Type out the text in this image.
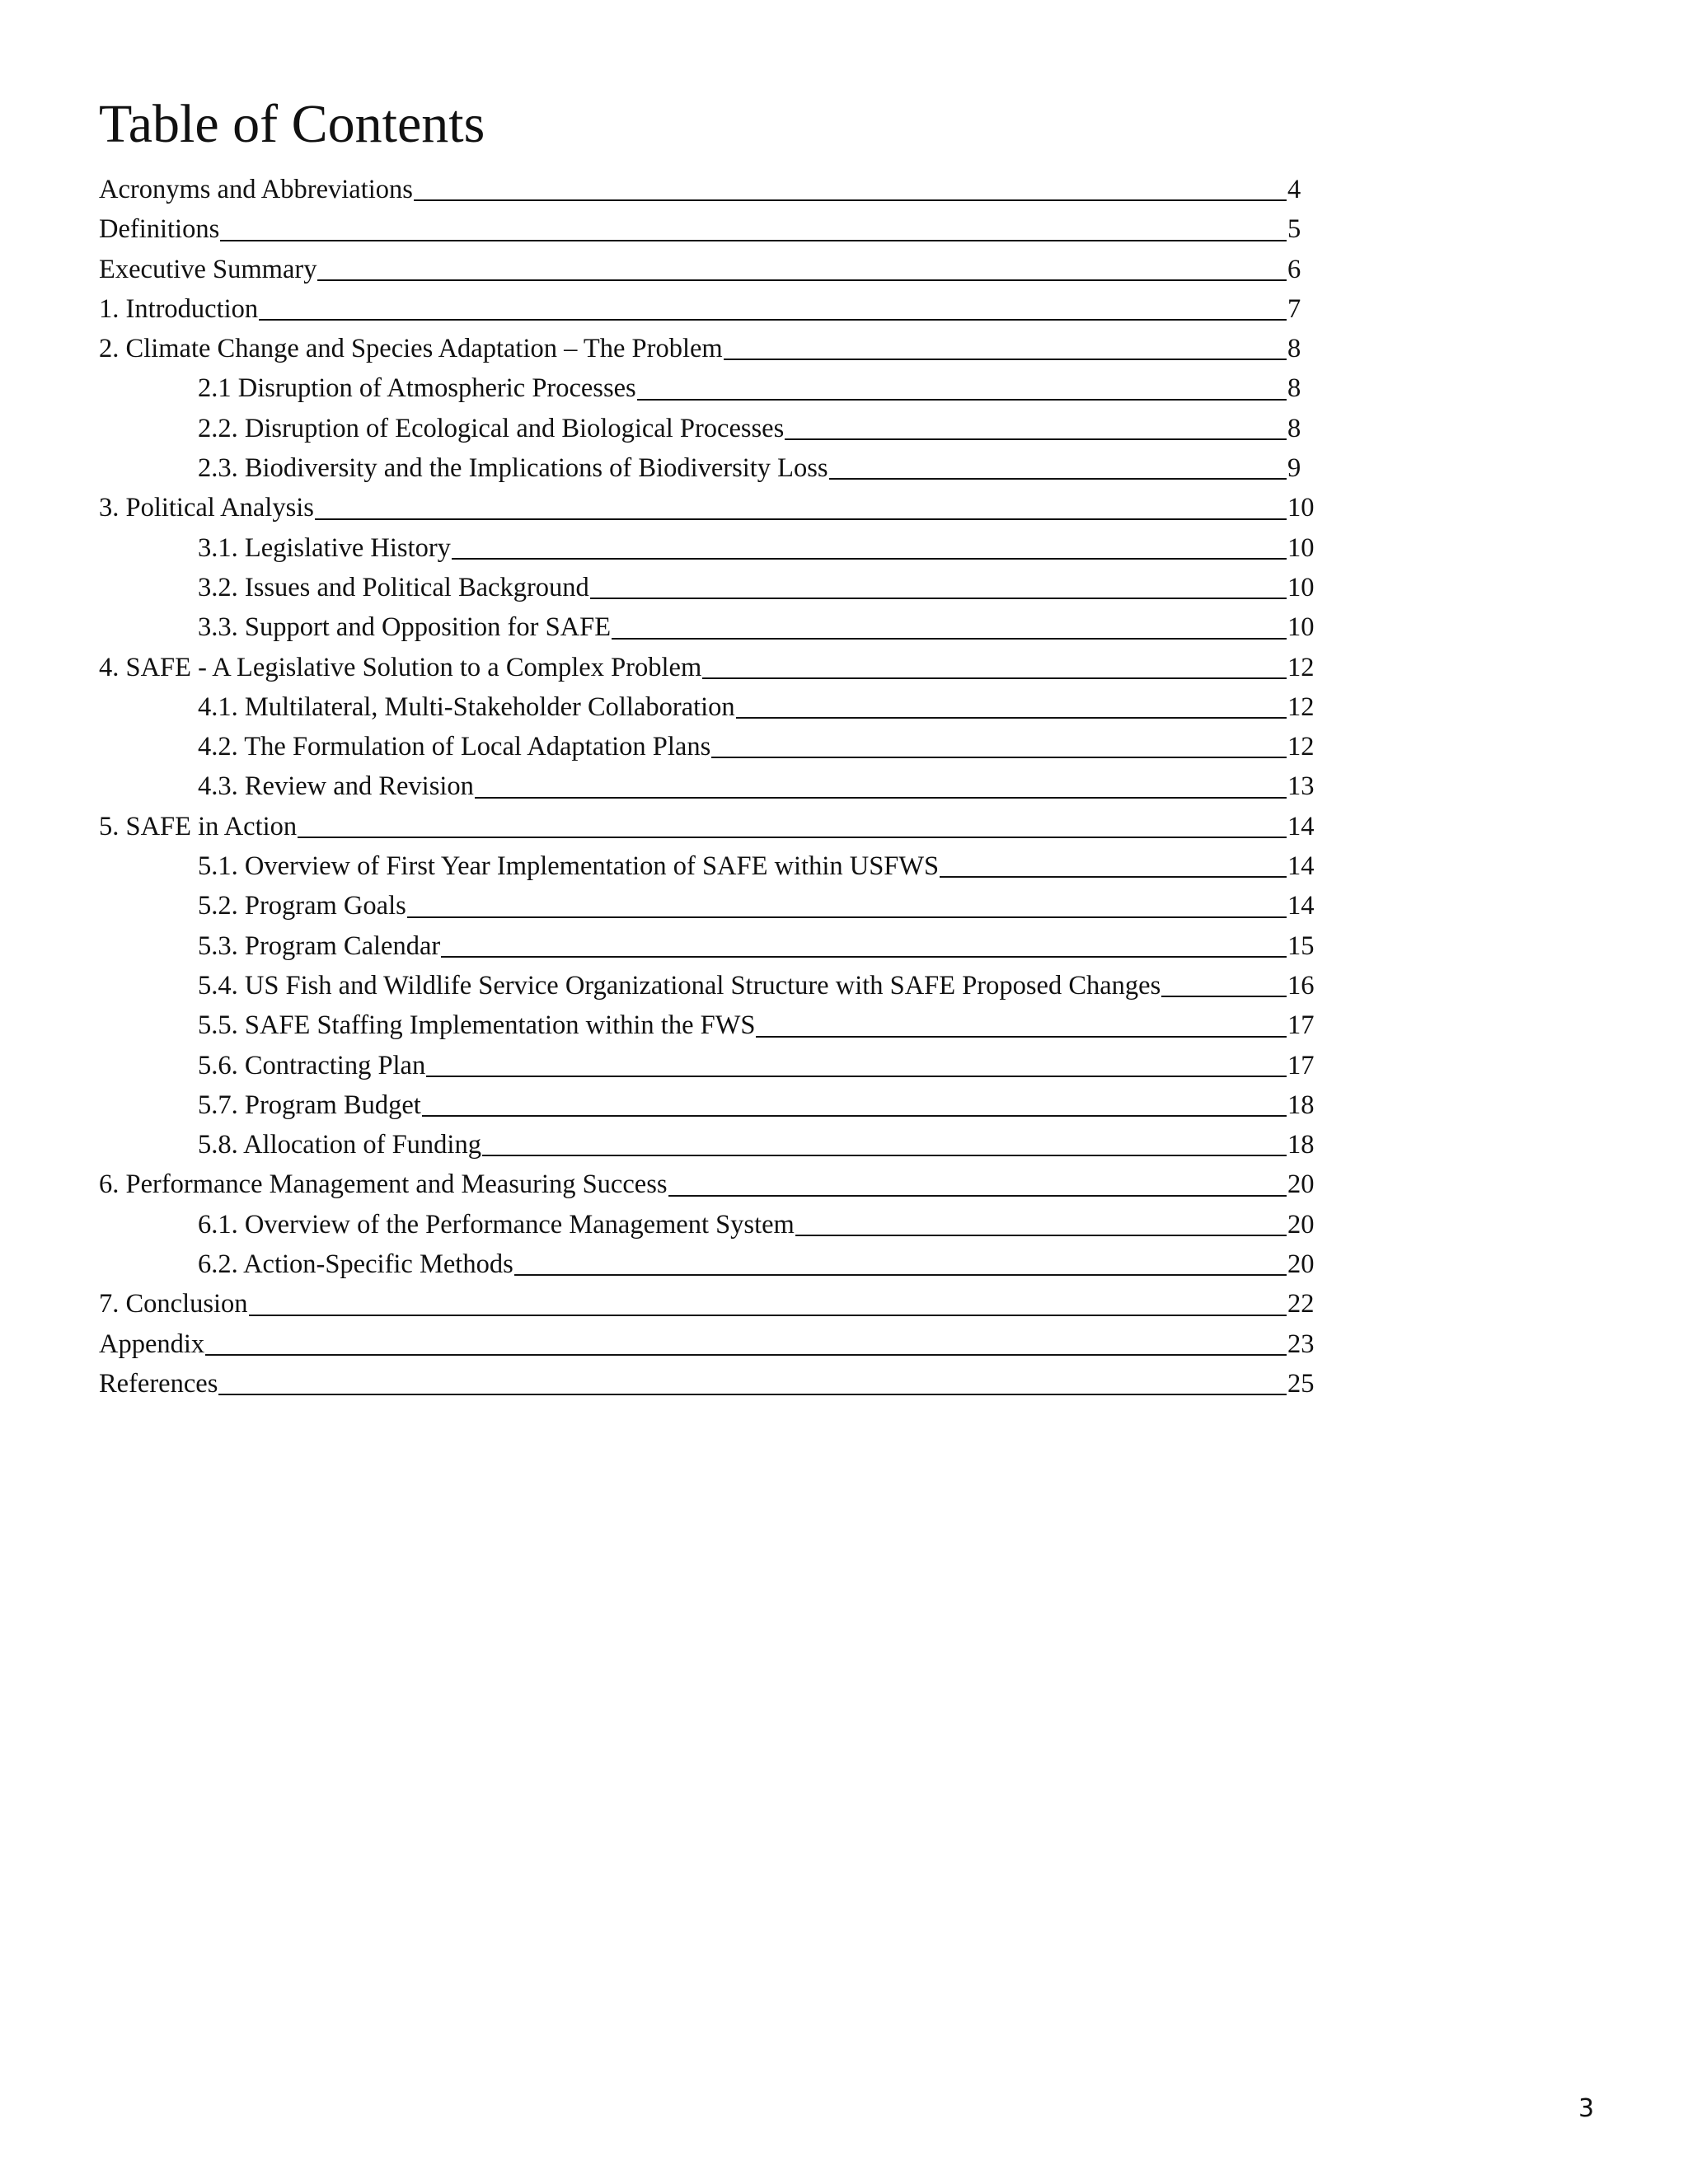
Table of Contents
Acronyms and Abbreviations	4
Definitions	5
Executive Summary	6
1. Introduction	7
2. Climate Change and Species Adaptation – The Problem	8
2.1 Disruption of Atmospheric Processes	8
2.2. Disruption of Ecological and Biological Processes	8
2.3. Biodiversity and the Implications of Biodiversity Loss	9
3. Political Analysis	10
3.1. Legislative History	10
3.2. Issues and Political Background	10
3.3. Support and Opposition for SAFE	10
4. SAFE - A Legislative Solution to a Complex Problem	12
4.1. Multilateral, Multi-Stakeholder Collaboration	12
4.2. The Formulation of Local Adaptation Plans	12
4.3. Review and Revision	13
5. SAFE in Action	14
5.1. Overview of First Year Implementation of SAFE within USFWS	14
5.2. Program Goals	14
5.3. Program Calendar	15
5.4. US Fish and Wildlife Service Organizational Structure with SAFE Proposed Changes	16
5.5. SAFE Staffing Implementation within the FWS	17
5.6. Contracting Plan	17
5.7. Program Budget	18
5.8. Allocation of Funding	18
6. Performance Management and Measuring Success	20
6.1. Overview of the Performance Management System	20
6.2. Action-Specific Methods	20
7. Conclusion	22
Appendix	23
References	25
3
